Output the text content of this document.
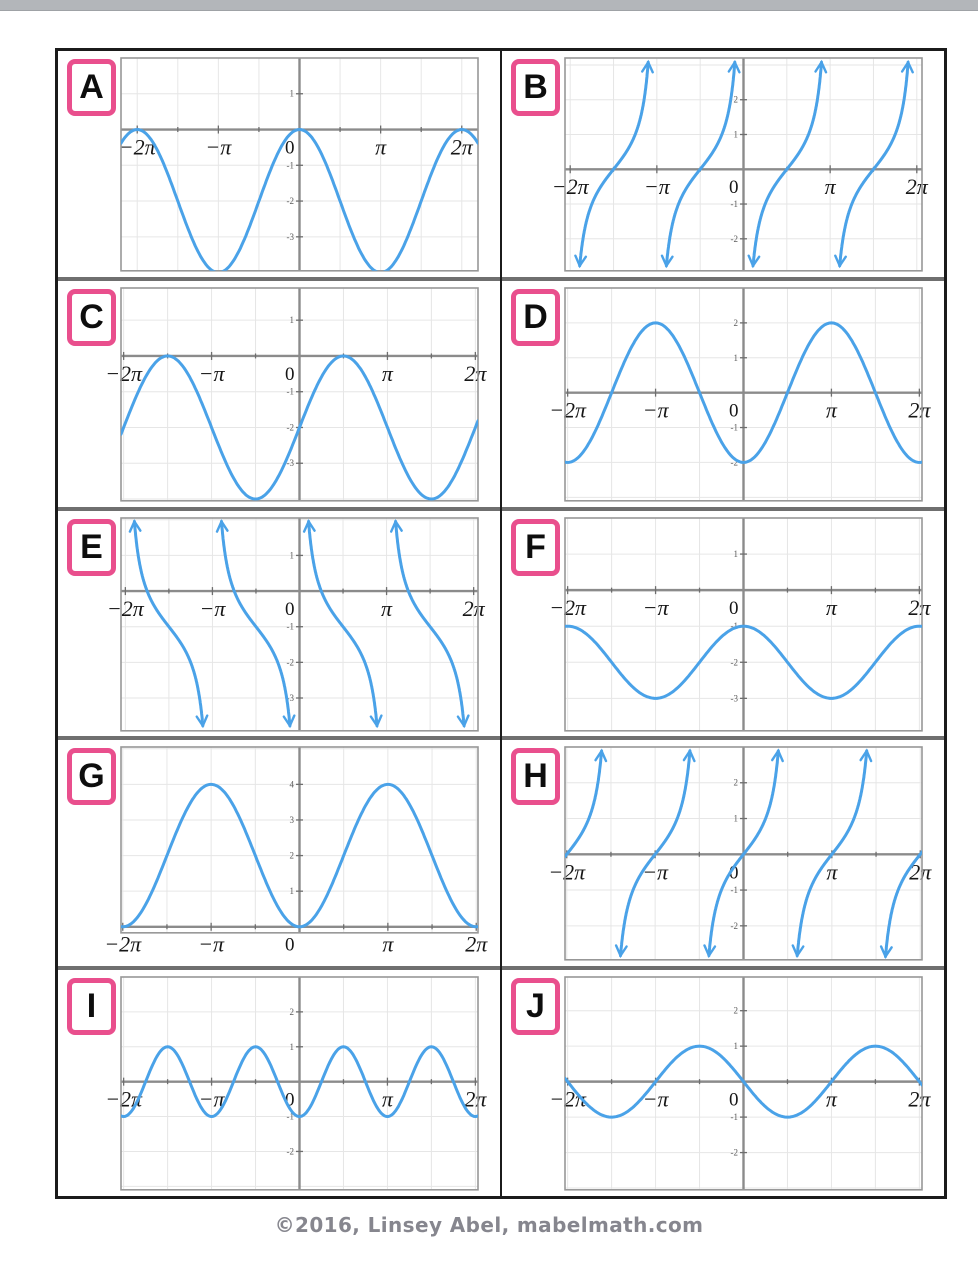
A	1
-1
-2
-3
−2π −π	0	π	2π
B	2
1
-1
-2
−2π	−π	0	π	2π
C	1
-1
-2
-3
−2π	−π	0	π	2π
D	2
1
-1
-2
−2π	−π	0	π	2π
E	1
-1
-2
-3
−2π	−π	0	π	2π
F	1
-1
-2
-3
−2π	−π	0	π	2π
G	4
3
2
1
−2π	−π	0	π	2π
H	2
1
-1
-2
−2π	−π	0	π	2π
I	2
1
-1
-2
−2π	−π	0	π	2π
J	2
1
-1
-2
−2π	−π	0	π	2π
©2016, Linsey Abel, mabelmath.com
